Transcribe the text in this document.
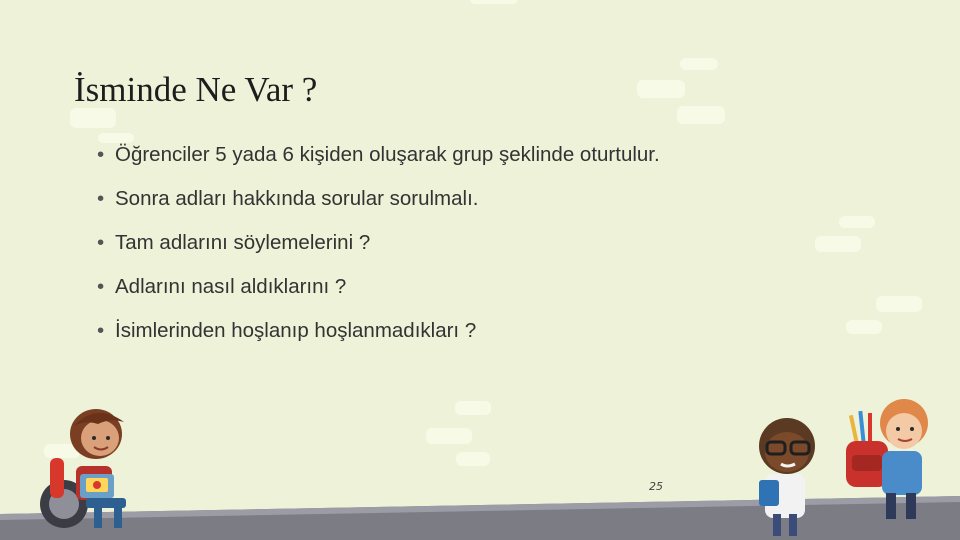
İsminde Ne Var ?
• Öğrenciler 5 yada 6 kişiden oluşarak grup şeklinde oturtulur.
• Sonra adları hakkında sorular sorulmalı.
• Tam adlarını söylemelerini ?
• Adlarını nasıl aldıklarını ?
• İsimlerinden hoşlanıp hoşlanmadıkları ?
25
